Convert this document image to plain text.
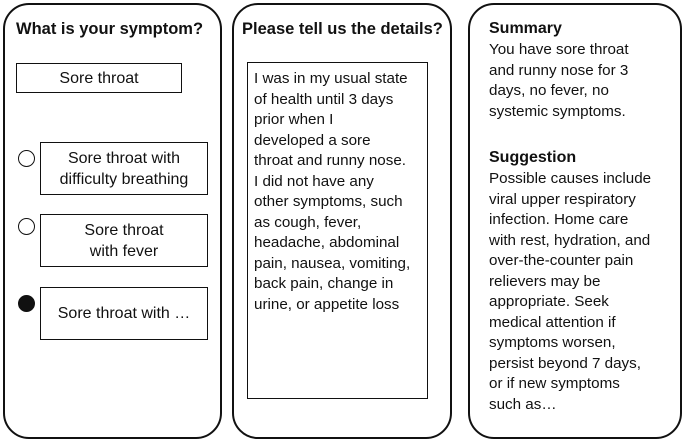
What is your symptom?
Sore throat
Sore throat with
difficulty breathing
Sore throat
with fever
Sore throat with …
Please tell us the details?
I was in my usual state
of health until 3 days
prior when I
developed a sore
throat and runny nose.
I did not have any
other symptoms, such
as cough, fever,
headache, abdominal
pain, nausea, vomiting,
back pain, change in
urine, or appetite loss
Summary
You have sore throat
and runny nose for 3
days, no fever, no
systemic symptoms.
Suggestion
Possible causes include
viral upper respiratory
infection. Home care
with rest, hydration, and
over-the-counter pain
relievers may be
appropriate. Seek
medical attention if
symptoms worsen,
persist beyond 7 days,
or if new symptoms
such as…
